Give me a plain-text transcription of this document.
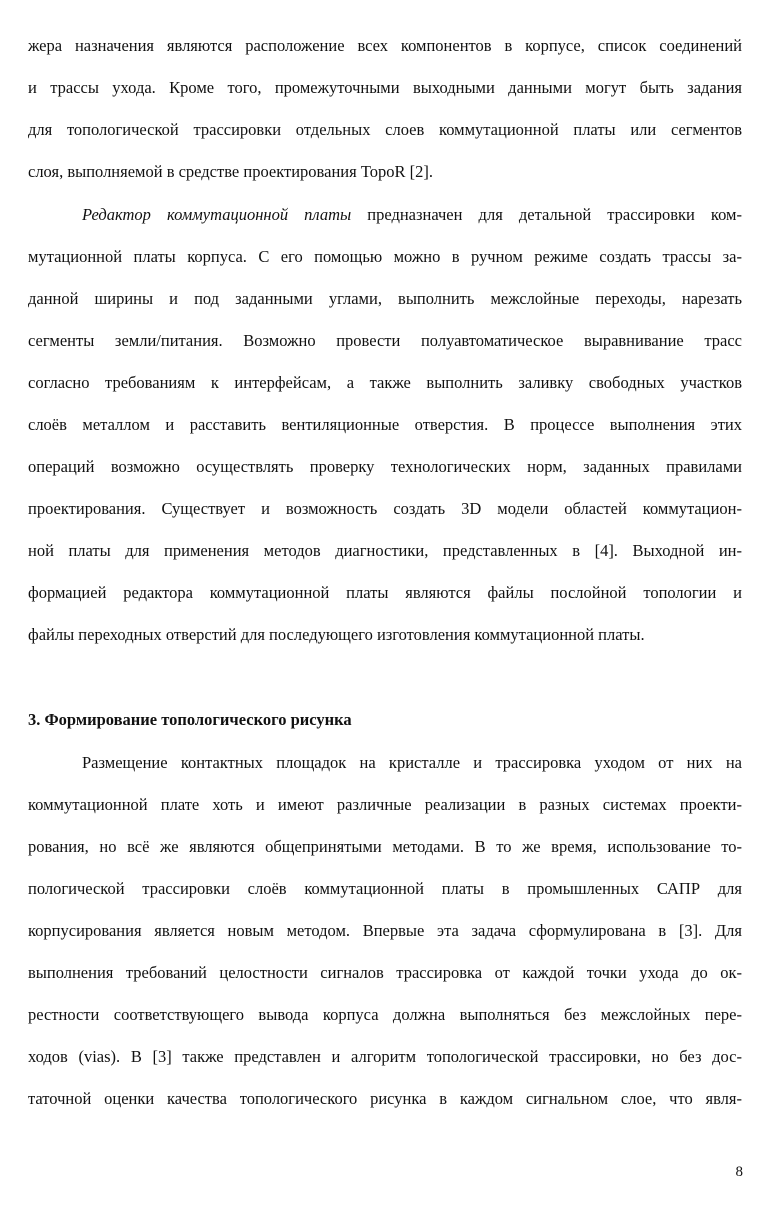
жера назначения являются расположение всех компонентов в корпусе, список соединений
и трассы ухода. Кроме того, промежуточными выходными данными могут быть задания
для топологической трассировки отдельных слоев коммутационной платы или сегментов
слоя, выполняемой в средстве проектирования TopoR [2].
Редактор коммутационной платы предназначен для детальной трассировки ком-
мутационной платы корпуса. С его помощью можно в ручном режиме создать трассы за-
данной ширины и под заданными углами, выполнить межслойные переходы, нарезать
сегменты земли/питания. Возможно провести полуавтоматическое выравнивание трасс
согласно требованиям к интерфейсам, а также выполнить заливку свободных участков
слоёв металлом и расставить вентиляционные отверстия. В процессе выполнения этих
операций возможно осуществлять проверку технологических норм, заданных правилами
проектирования. Существует и возможность создать 3D модели областей коммутацион-
ной платы для применения методов диагностики, представленных в [4]. Выходной ин-
формацией редактора коммутационной платы являются файлы послойной топологии и
файлы переходных отверстий для последующего изготовления коммутационной платы.
3. Формирование топологического рисунка
Размещение контактных площадок на кристалле и трассировка уходом от них на
коммутационной плате хоть и имеют различные реализации в разных системах проекти-
рования, но всё же являются общепринятыми методами. В то же время, использование то-
пологической трассировки слоёв коммутационной платы в промышленных САПР для
корпусирования является новым методом. Впервые эта задача сформулирована в [3]. Для
выполнения требований целостности сигналов трассировка от каждой точки ухода до ок-
рестности соответствующего вывода корпуса должна выполняться без межслойных пере-
ходов (vias). В [3] также представлен и алгоритм топологической трассировки, но без дос-
таточной оценки качества топологического рисунка в каждом сигнальном слое, что явля-
8
